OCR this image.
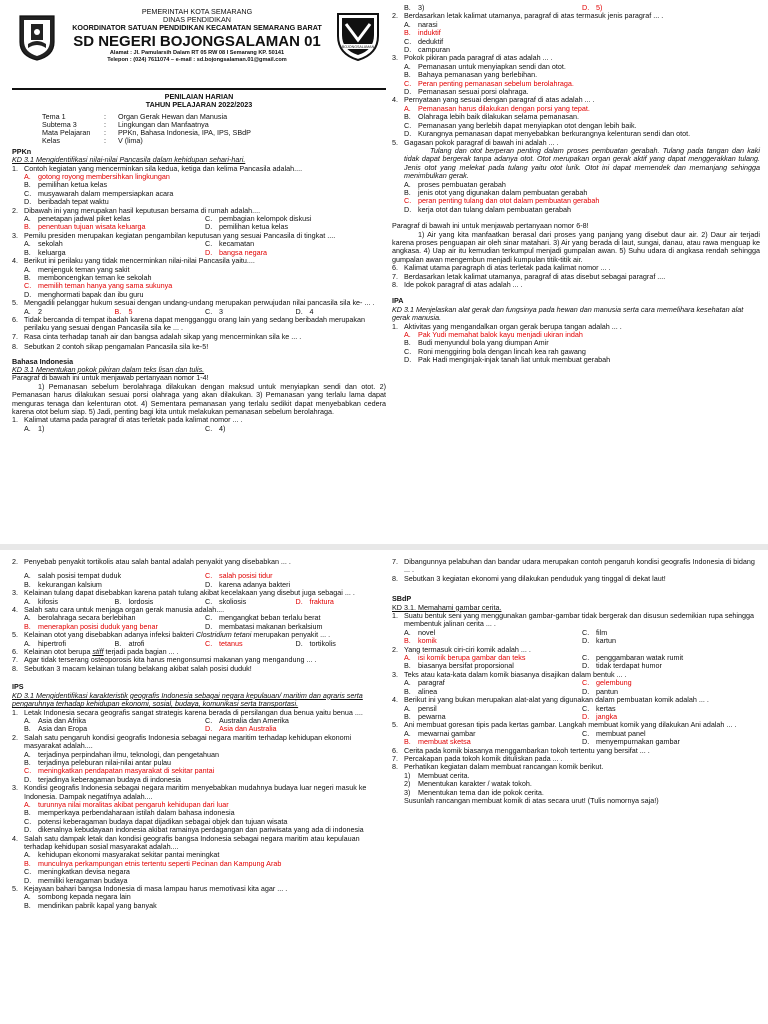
PEMERINTAH KOTA SEMARANG
DINAS PENDIDIKAN
KOORDINATOR SATUAN PENDIDIKAN KECAMATAN SEMARANG BARAT
SD NEGERI BOJONGSALAMAN 01
Alamat : Jl. Pamularsih Dalam RT 05 RW 08 I Semarang KP. 50141
Telepon : (024) 7611074 – e-mail : sd.bojongsalaman.01@gmail.com
BOJONGSALAMAN
PENILAIAN HARIAN
TAHUN PELAJARAN 2022/2023
Tema 1	:	Organ Gerak Hewan dan Manusia
Subtema 3	:	Lingkungan dan Manfaatnya
Mata Pelajaran	:	PPKn, Bahasa Indonesia, IPA, IPS, SBdP
Kelas	:	V (lima)
PPKn
KD 3.1 Mengidentifikasi nilai-nilai Pancasila dalam kehidupan sehari-hari.
1. Contoh kegiatan yang mencerminkan sila kedua, ketiga dan kelima Pancasila adalah....
A.	gotong royong membersihkan lingkungan
B.	pemilihan ketua kelas
C. musyawarah dalam mempersiapkan acara
D. beribadah tepat waktu
2. Dibawah ini yang merupakan hasil keputusan bersama di rumah adalah....
A.	penetapan jadwal piket kelas	C. pembagian kelompok diskusi
B.	penentuan tujuan wisata keluarga	D. pemilihan ketua kelas
3. Pemilu presiden merupakan kegiatan pengambilan keputusan yang sesuai Pancasila di tingkat ....
A.	sekolah	C. kecamatan
B.	keluarga	D. bangsa negara
4. Berikut ini perilaku yang tidak mencerminkan nilai-nilai Pancasila yaitu....
A.	menjenguk teman yang sakit
B.	memboncengkan teman ke sekolah
C. memilih teman hanya yang sama sukunya
D. menghormati bapak dan ibu guru
5. Mengadili pelanggar hukum sesuai dengan undang-undang merupakan perwujudan nilai pancasila sila ke- ... .
A.	2	B.	5	C. 3	D. 4
6. Tidak bercanda di tempat ibadah karena dapat mengganggu orang lain yang sedang beribadah merupakan perilaku yang sesuai dengan Pancasila sila ke ... .
7. Rasa cinta terhadap tanah air dan bangsa adalah sikap yang mencerminkan sila ke ... .
8. Sebutkan 2 contoh sikap pengamalan Pancasila sila ke-5!
Bahasa Indonesia
KD 3.1 Menentukan pokok pikiran dalam teks lisan dan tulis.
Paragraf di bawah ini untuk menjawab pertanyaan nomor 1-4!
1) Pemanasan sebelum berolahraga dilakukan dengan maksud untuk menyiapkan sendi dan otot. 2) Pemanasan harus dilakukan sesuai porsi olahraga yang akan dilakukan. 3) Pemanasan yang terlalu lama dapat menguras tenaga dan kelenturan otot. 4) Sementara pemanasan yang terlalu sedikit dapat menyebabkan cedera karena otot belum siap. 5) Jadi, penting bagi kita untuk melakukan pemanasan sebelum berolahraga.
1. Kalimat utama pada paragraf di atas terletak pada kalimat nomor ... .
A.	1)	C. 4)
B.	3)	D. 5)
2. Berdasarkan letak kalimat utamanya, paragraf di atas termasuk jenis paragraf ... .
A.	narasi
B.	induktif
C. deduktif
D. campuran
3. Pokok pikiran pada paragraf di atas adalah ... .
A.	Pemanasan untuk menyiapkan sendi dan otot.
B.	Bahaya pemanasan yang berlebihan.
C. Peran penting pemanasan sebelum berolahraga.
D. Pemanasan sesuai porsi olahraga.
4. Pernyataan yang sesuai dengan paragraf di atas adalah ... .
A.	Pemanasan harus dilakukan dengan porsi yang tepat.
B.	Olahraga lebih baik dilakukan selama pemanasan.
C. Pemanasan yang berlebih dapat menyiapkan otot dengan lebih baik.
D. Kurangnya pemanasan dapat menyebabkan berkurangnya kelenturan sendi dan otot.
5. Gagasan pokok paragraf di bawah ini adalah ... .
Tulang dan otot berperan penting dalam proses pembuatan gerabah. Tulang pada tangan dan kaki tidak dapat bergerak tanpa adanya otot. Otot merupakan organ gerak aktif yang dapat menggerakkan tulang. Jenis otot yang melekat pada tulang yaitu otot lurik. Otot ini dapat memendek dan memanjang sehingga menimbulkan gerak.
A.	proses pembuatan gerabah
B.	jenis otot yang digunakan dalam pembuatan gerabah
C. peran penting tulang dan otot dalam pembuatan gerabah
D. kerja otot dan tulang dalam pembuatan gerabah
Paragraf di bawah ini untuk menjawab pertanyaan nomor 6-8!
1) Air yang kita manfaatkan berasal dari proses yang panjang yang disebut daur air. 2) Daur air terjadi karena proses penguapan air oleh sinar matahari. 3) Air yang berada di laut, sungai, danau, atau rawa menguap ke angkasa. 4) Uap air itu kemudian terkumpul menjadi gumpalan awan. 5) Suhu udara di angkasa rendah sehingga gumpalan awan mengembun menjadi kumpulan titik-titik air.
6. Kalimat utama paragraph di atas terletak pada kalimat nomor ... .
7. Berdasarkan letak kalimat utamanya, paragraf di atas disebut sebagai paragraf ....
8. Ide pokok paragraf di atas adalah ... .
IPA
KD 3.1 Menjelaskan alat gerak dan fungsinya pada hewan dan manusia serta cara memelihara kesehatan alat gerak manusia.
1. Aktivitas yang mengandalkan organ gerak berupa tangan adalah ... .
A.	Pak Yudi memahat balok kayu menjadi ukiran indah
B.	Budi menyundul bola yang diumpan Amir
C. Roni menggiring bola dengan lincah kea rah gawang
D. Pak Hadi menginjak-injak tanah liat untuk membuat gerabah
2. Penyebab penyakit tortikolis atau salah bantal adalah penyakit yang disebabkan ... .
A.	salah posisi tempat duduk	C. salah posisi tidur
B.	kekurangan kalsium	D. karena adanya bakteri
3. Kelainan tulang dapat disebabkan karena patah tulang akibat kecelakaan yang disebut juga sebagai ... .
A.	kifosis	B.	lordosis	C. skoliosis	D. fraktura
4. Salah satu cara untuk menjaga organ gerak manusia adalah....
A.	berolahraga secara berlebihan	C. mengangkat beban terlalu berat
B.	menerapkan posisi duduk yang benar	D. membatasi makanan berkalsium
5. Kelainan otot yang disebabkan adanya infeksi bakteri Clostridium tetani merupakan penyakit ... .
A.	hipertrofi	B.	atrofi	C. tetanus	D. tortikolis
6. Kelainan otot berupa stiff terjadi pada bagian ... .
7. Agar tidak terserang osteoporosis kita harus mengonsumsi makanan yang mengandung ... .
8. Sebutkan 3 macam kelainan tulang belakang akibat salah posisi duduk!
IPS
KD 3.1 Mengidentifikasi karakteristik geografis Indonesia sebagai negara kepulauan/ maritim dan agraris serta pengaruhnya terhadap kehidupan ekonomi, sosial, budaya, komunikasi serta transportasi.
1. Letak Indonesia secara geografis sangat strategis karena berada di persilangan dua benua yaitu benua ....
A.	Asia dan Afrika	C. Australia dan Amerika
B.	Asia dan Eropa	D. Asia dan Australia
2. Salah satu pengaruh kondisi geografis Indonesia sebagai negara maritim terhadap kehidupan ekonomi masyarakat adalah....
A.	terjadinya perpindahan ilmu, teknologi, dan pengetahuan
B.	terjadinya peleburan nilai-nilai antar pulau
C. meningkatkan pendapatan masyarakat di sekitar pantai
D. terjadinya keberagaman budaya di indonesia
3. Kondisi geografis Indonesia sebagai negara maritim menyebabkan mudahnya budaya luar negeri masuk ke Indonesia. Dampak negatifnya adalah....
A.	turunnya nilai moralitas akibat pengaruh kehidupan dari luar
B.	memperkaya perbendaharaan istilah dalam bahasa indonesia
C. potensi keberagaman budaya dapat dijadikan sebagai objek dan tujuan wisata
D. dikenalnya kebudayaan indonesia akibat ramainya perdagangan dan pariwisata yang ada di indonesia
4. Salah satu dampak letak dan kondisi geografis bangsa Indonesia sebagai negara maritim atau kepulauan terhadap kehidupan sosial masyarakat adalah....
A.	kehidupan ekonomi masyarakat sekitar pantai meningkat
B.	munculnya perkampungan etnis tertentu seperti Pecinan dan Kampung Arab
C. meningkatkan devisa negara
D. memiliki keragaman budaya
5. Kejayaan bahari bangsa Indonesia di masa lampau harus memotivasi kita agar ... .
A.	sombong kepada negara lain
B.	mendirikan pabrik kapal yang banyak
7. Dibangunnya pelabuhan dan bandar udara merupakan contoh pengaruh kondisi geografis Indonesia di bidang ... .
8. Sebutkan 3 kegiatan ekonomi yang dilakukan penduduk yang tinggal di dekat laut!
SBdP
KD 3.1. Memahami gambar cerita.
1. Suatu bentuk seni yang menggunakan gambar-gambar tidak bergerak dan disusun sedemikian rupa sehingga membentuk jalinan cerita ... .
A.	novel	C. film
B.	komik	D. kartun
2. Yang termasuk ciri-ciri komik adalah ... .
A.	isi komik berupa gambar dan teks	C. penggambaran watak rumit
B.	biasanya bersifat proporsional	D. tidak terdapat humor
3. Teks atau kata-kata dalam komik biasanya disajikan dalam bentuk ... .
A.	paragraf	C. gelembung
B.	alinea	D. pantun
4. Berikut ini yang bukan merupakan alat-alat yang digunakan dalam pembuatan komik adalah ... .
A.	pensil	C. kertas
B.	pewarna	D. jangka
5. Ani membuat goresan tipis pada kertas gambar. Langkah membuat komik yang dilakukan Ani adalah ... .
A.	mewarnai gambar	C. membuat panel
B.	membuat sketsa	D. menyempurnakan gambar
6. Cerita pada komik biasanya menggambarkan tokoh tertentu yang bersifat ... .
7. Percakapan pada tokoh komik dituliskan pada ... .
8. Perhatikan kegiatan dalam membuat rancangan komik berikut.
1)	Membuat cerita.
2)	Menentukan karakter / watak tokoh.
3)	Menentukan tema dan ide pokok cerita.
Susunlah rancangan membuat komik di atas secara urut! (Tulis nomornya saja!)
